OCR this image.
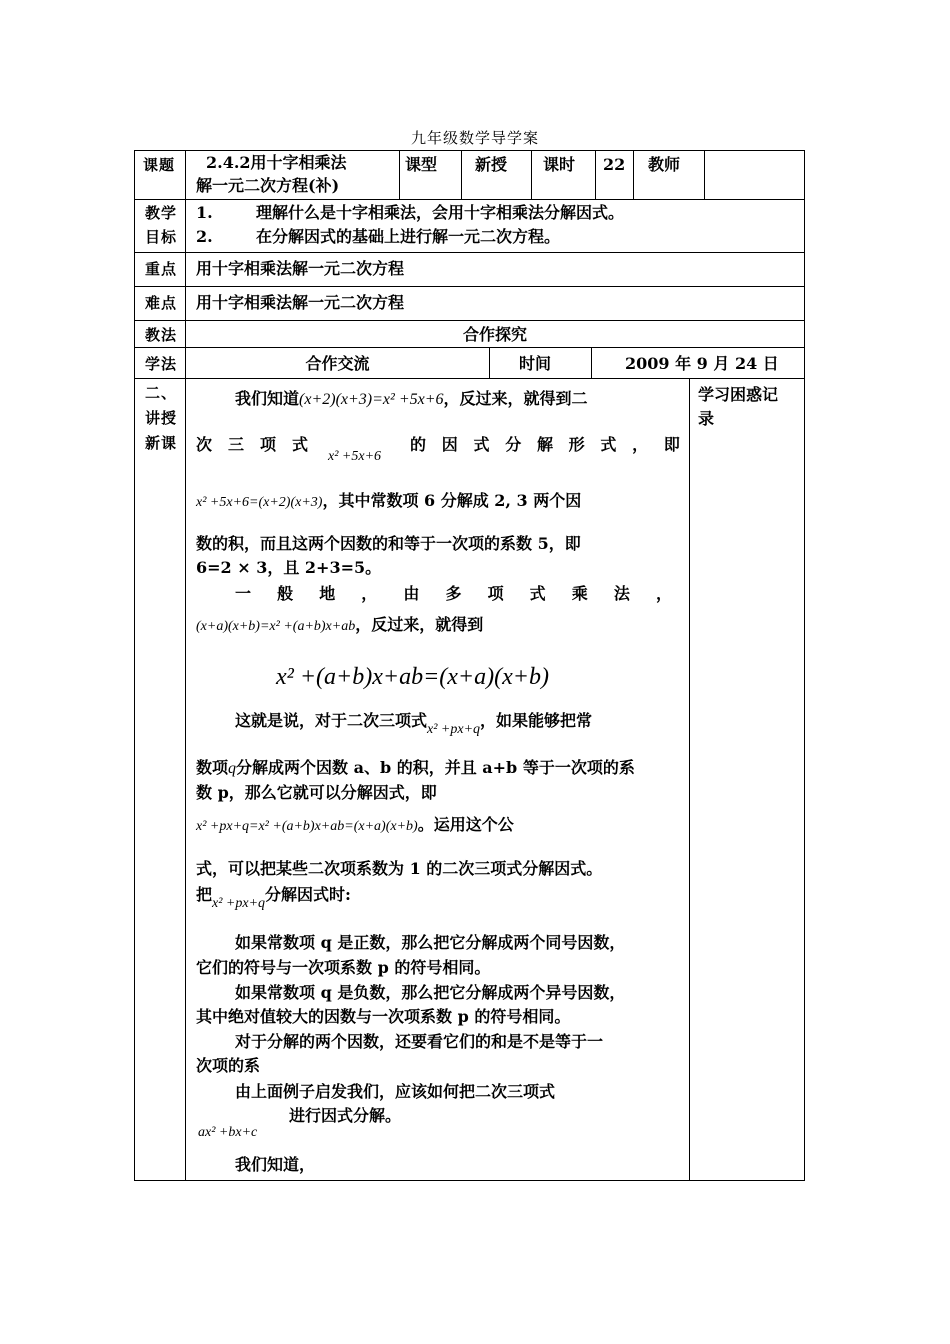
九年级数学导学案
课题	2.4.2用十字相乘法
解一元二次方程(补)
课型 新授 课时 22 教师
教学
目标
1.	理解什么是十字相乘法，会用十字相乘法分解因式。
2.	在分解因式的基础上进行解一元二次方程。
重点 用十字相乘法解一元二次方程
难点 用十字相乘法解一元二次方程
教法	合作探究
学法	合作交流	时间	2009 年 9 月 24 日
二、
讲授
新课
学习困惑记
录
我们知道(x+2)(x+3)=x² +5x+6，反过来，就得到二
次 三 项 式
x² +5x+6
的 因 式 分 解 形 式 ， 即
x² +5x+6=(x+2)(x+3)，其中常数项 6 分解成 2, 3 两个因
数的积，而且这两个因数的和等于一次项的系数 5，即
6=2 × 3，且 2+3=5。
一 般 地 ， 由 多 项 式 乘 法 ，
(x+a)(x+b)=x² +(a+b)x+ab，反过来，就得到
x² +(a+b)x+ab=(x+a)(x+b)
这就是说，对于二次三项式x² +px+q，如果能够把常
数项q分解成两个因数 a、b 的积，并且 a+b 等于一次项的系
数 p，那么它就可以分解因式，即
x² +px+q=x² +(a+b)x+ab=(x+a)(x+b)。运用这个公
式，可以把某些二次项系数为 1 的二次三项式分解因式。
把x² +px+q分解因式时:
如果常数项 q 是正数，那么把它分解成两个同号因数，
它们的符号与一次项系数 p 的符号相同。
如果常数项 q 是负数，那么把它分解成两个异号因数，
其中绝对值较大的因数与一次项系数 p 的符号相同。
对于分解的两个因数，还要看它们的和是不是等于一
次项的系
由上面例子启发我们，应该如何把二次三项式
进行因式分解。
ax² +bx+c
我们知道，
